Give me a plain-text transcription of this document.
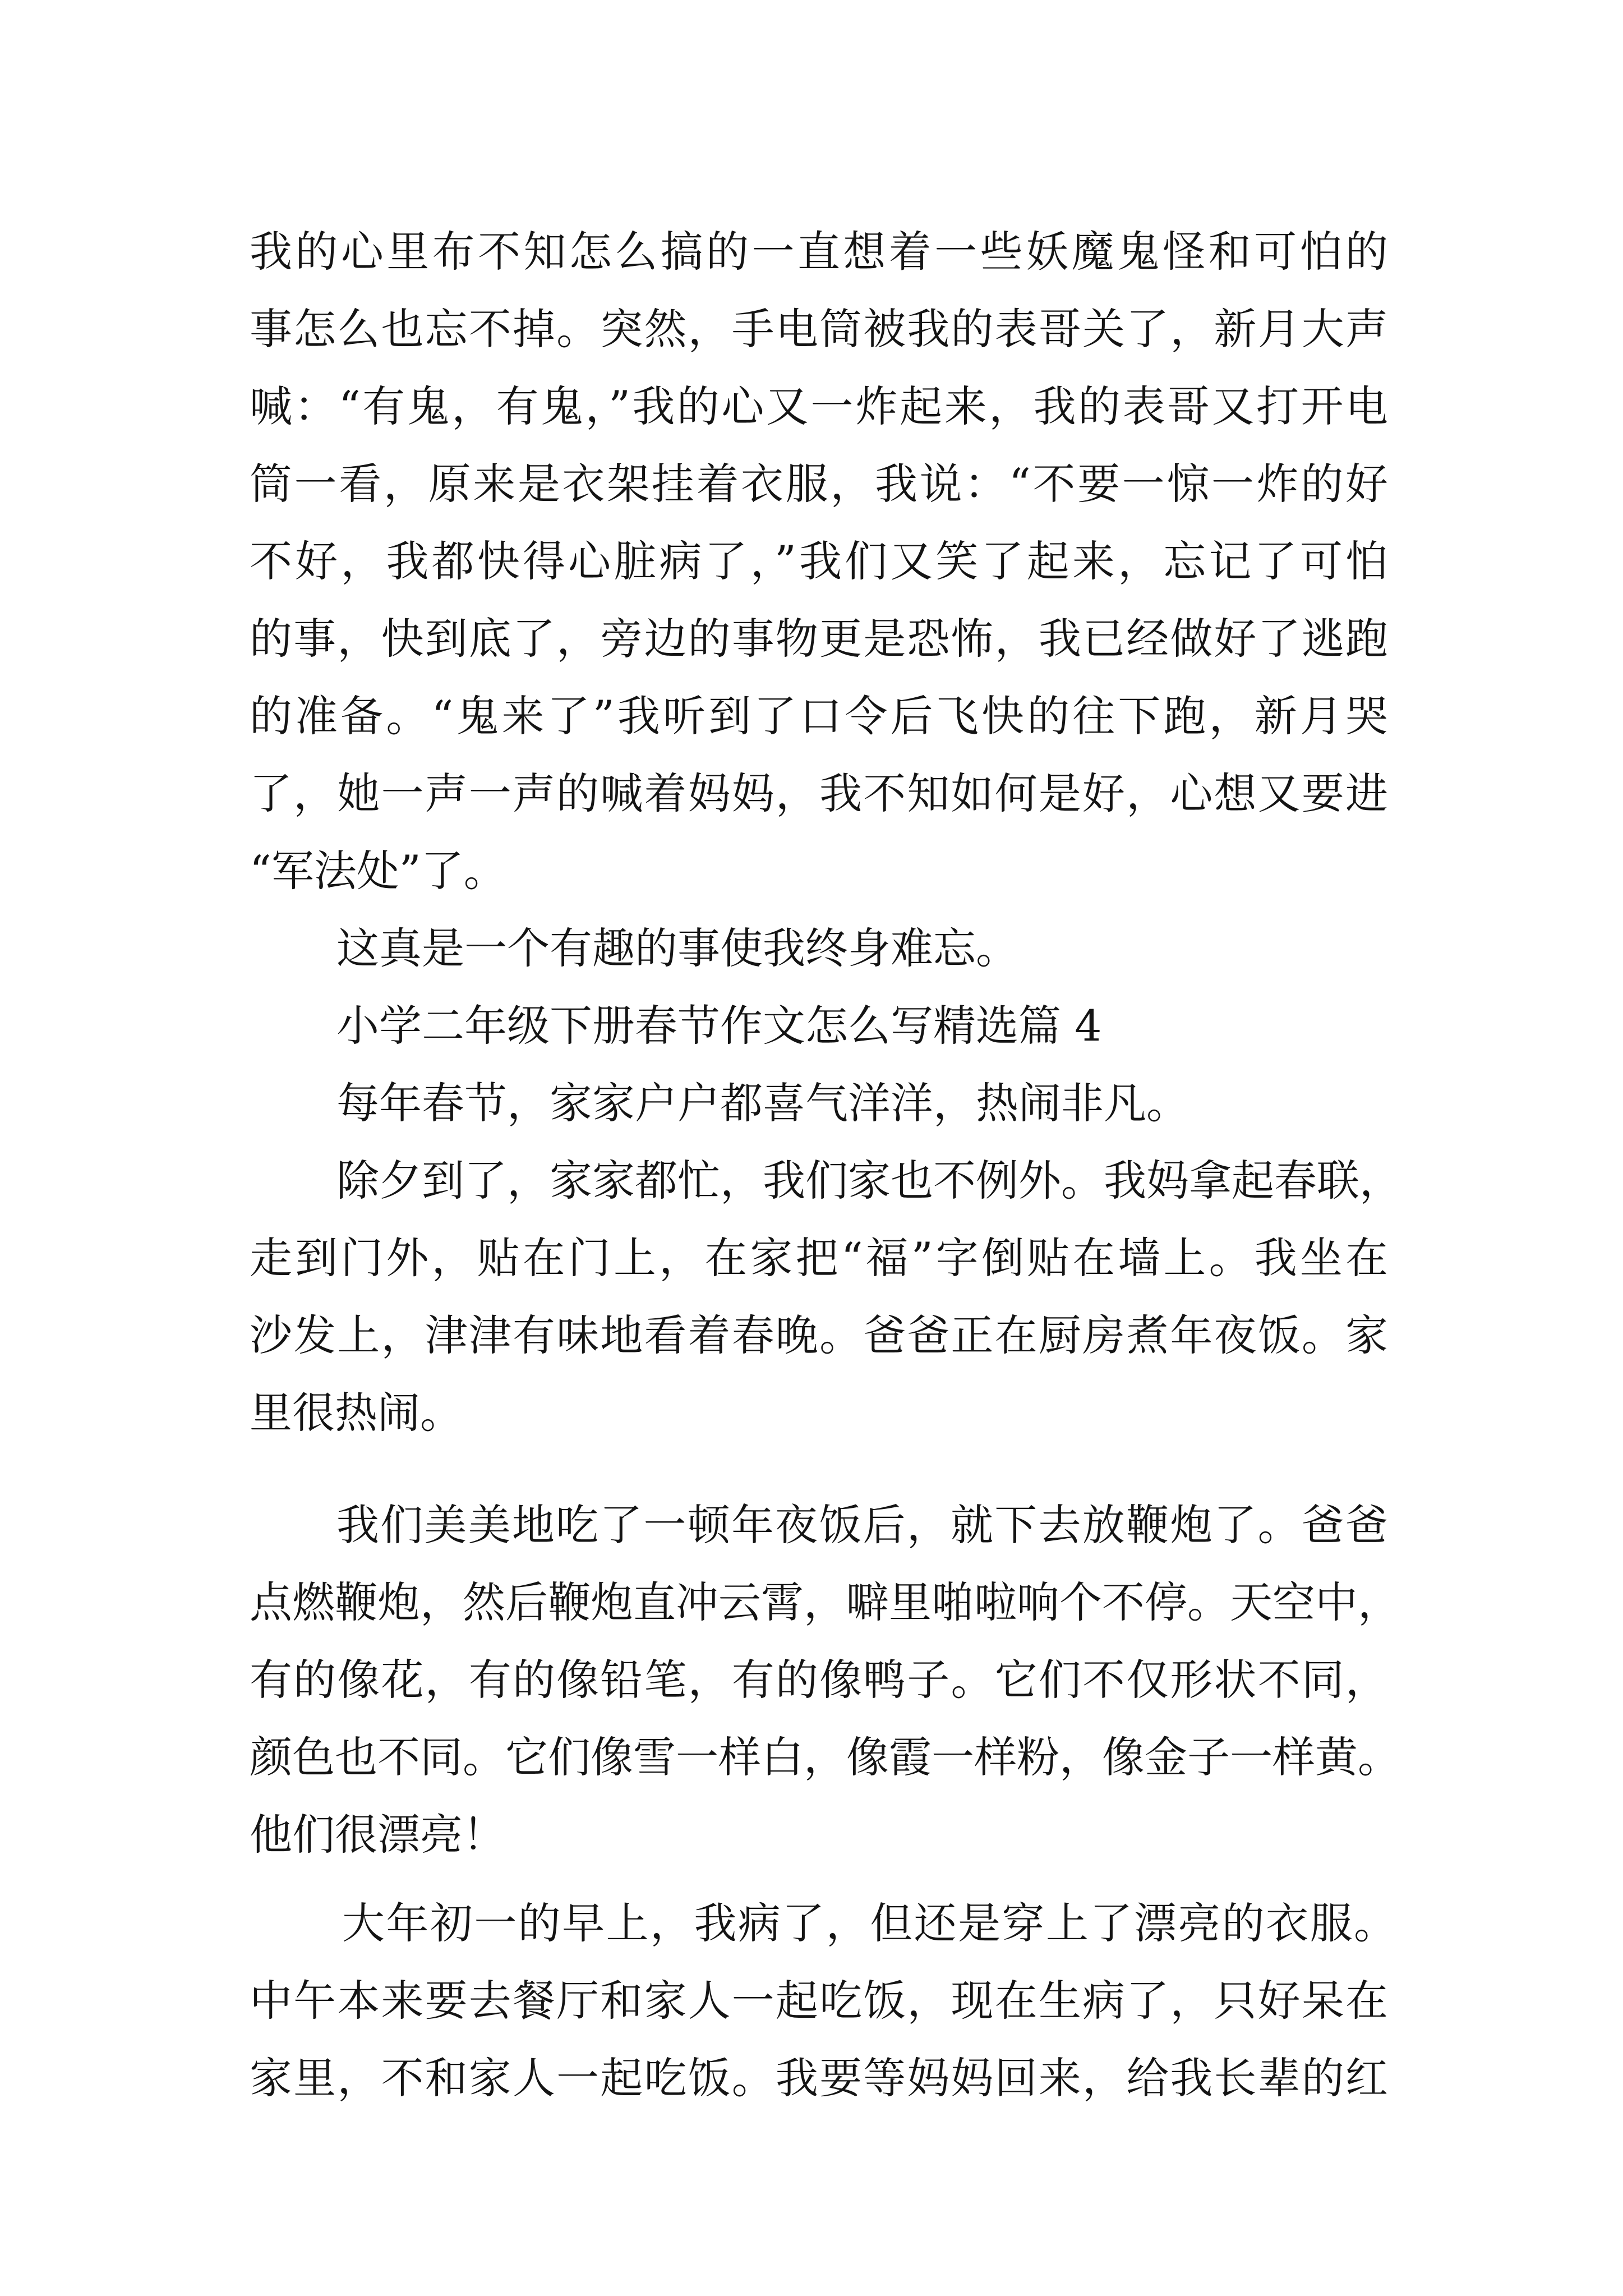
我的心里布不知怎么搞的一直想着一些妖魔鬼怪和可怕的
事怎么也忘不掉。突然，手电筒被我的表哥关了，新月大声
喊：“有鬼，有鬼，”我的心又一炸起来，我的表哥又打开电
筒一看，原来是衣架挂着衣服，我说：“不要一惊一炸的好
不好，我都快得心脏病了，”我们又笑了起来，忘记了可怕
的事，快到底了，旁边的事物更是恐怖，我已经做好了逃跑
的准备。“鬼来了”我听到了口令后飞快的往下跑，新月哭
了，她一声一声的喊着妈妈，我不知如何是好，心想又要进
“军法处”了。
这真是一个有趣的事使我终身难忘。
小学二年级下册春节作文怎么写精选篇 4
每年春节，家家户户都喜气洋洋，热闹非凡。
除夕到了，家家都忙，我们家也不例外。我妈拿起春联，
走到门外，贴在门上，在家把“福”字倒贴在墙上。我坐在
沙发上，津津有味地看着春晚。爸爸正在厨房煮年夜饭。家
里很热闹。
我们美美地吃了一顿年夜饭后，就下去放鞭炮了。爸爸
点燃鞭炮，然后鞭炮直冲云霄，噼里啪啦响个不停。天空中，
有的像花，有的像铅笔，有的像鸭子。它们不仅形状不同，
颜色也不同。它们像雪一样白，像霞一样粉，像金子一样黄。
他们很漂亮！
大年初一的早上，我病了，但还是穿上了漂亮的衣服。
中午本来要去餐厅和家人一起吃饭，现在生病了，只好呆在
家里，不和家人一起吃饭。我要等妈妈回来，给我长辈的红
